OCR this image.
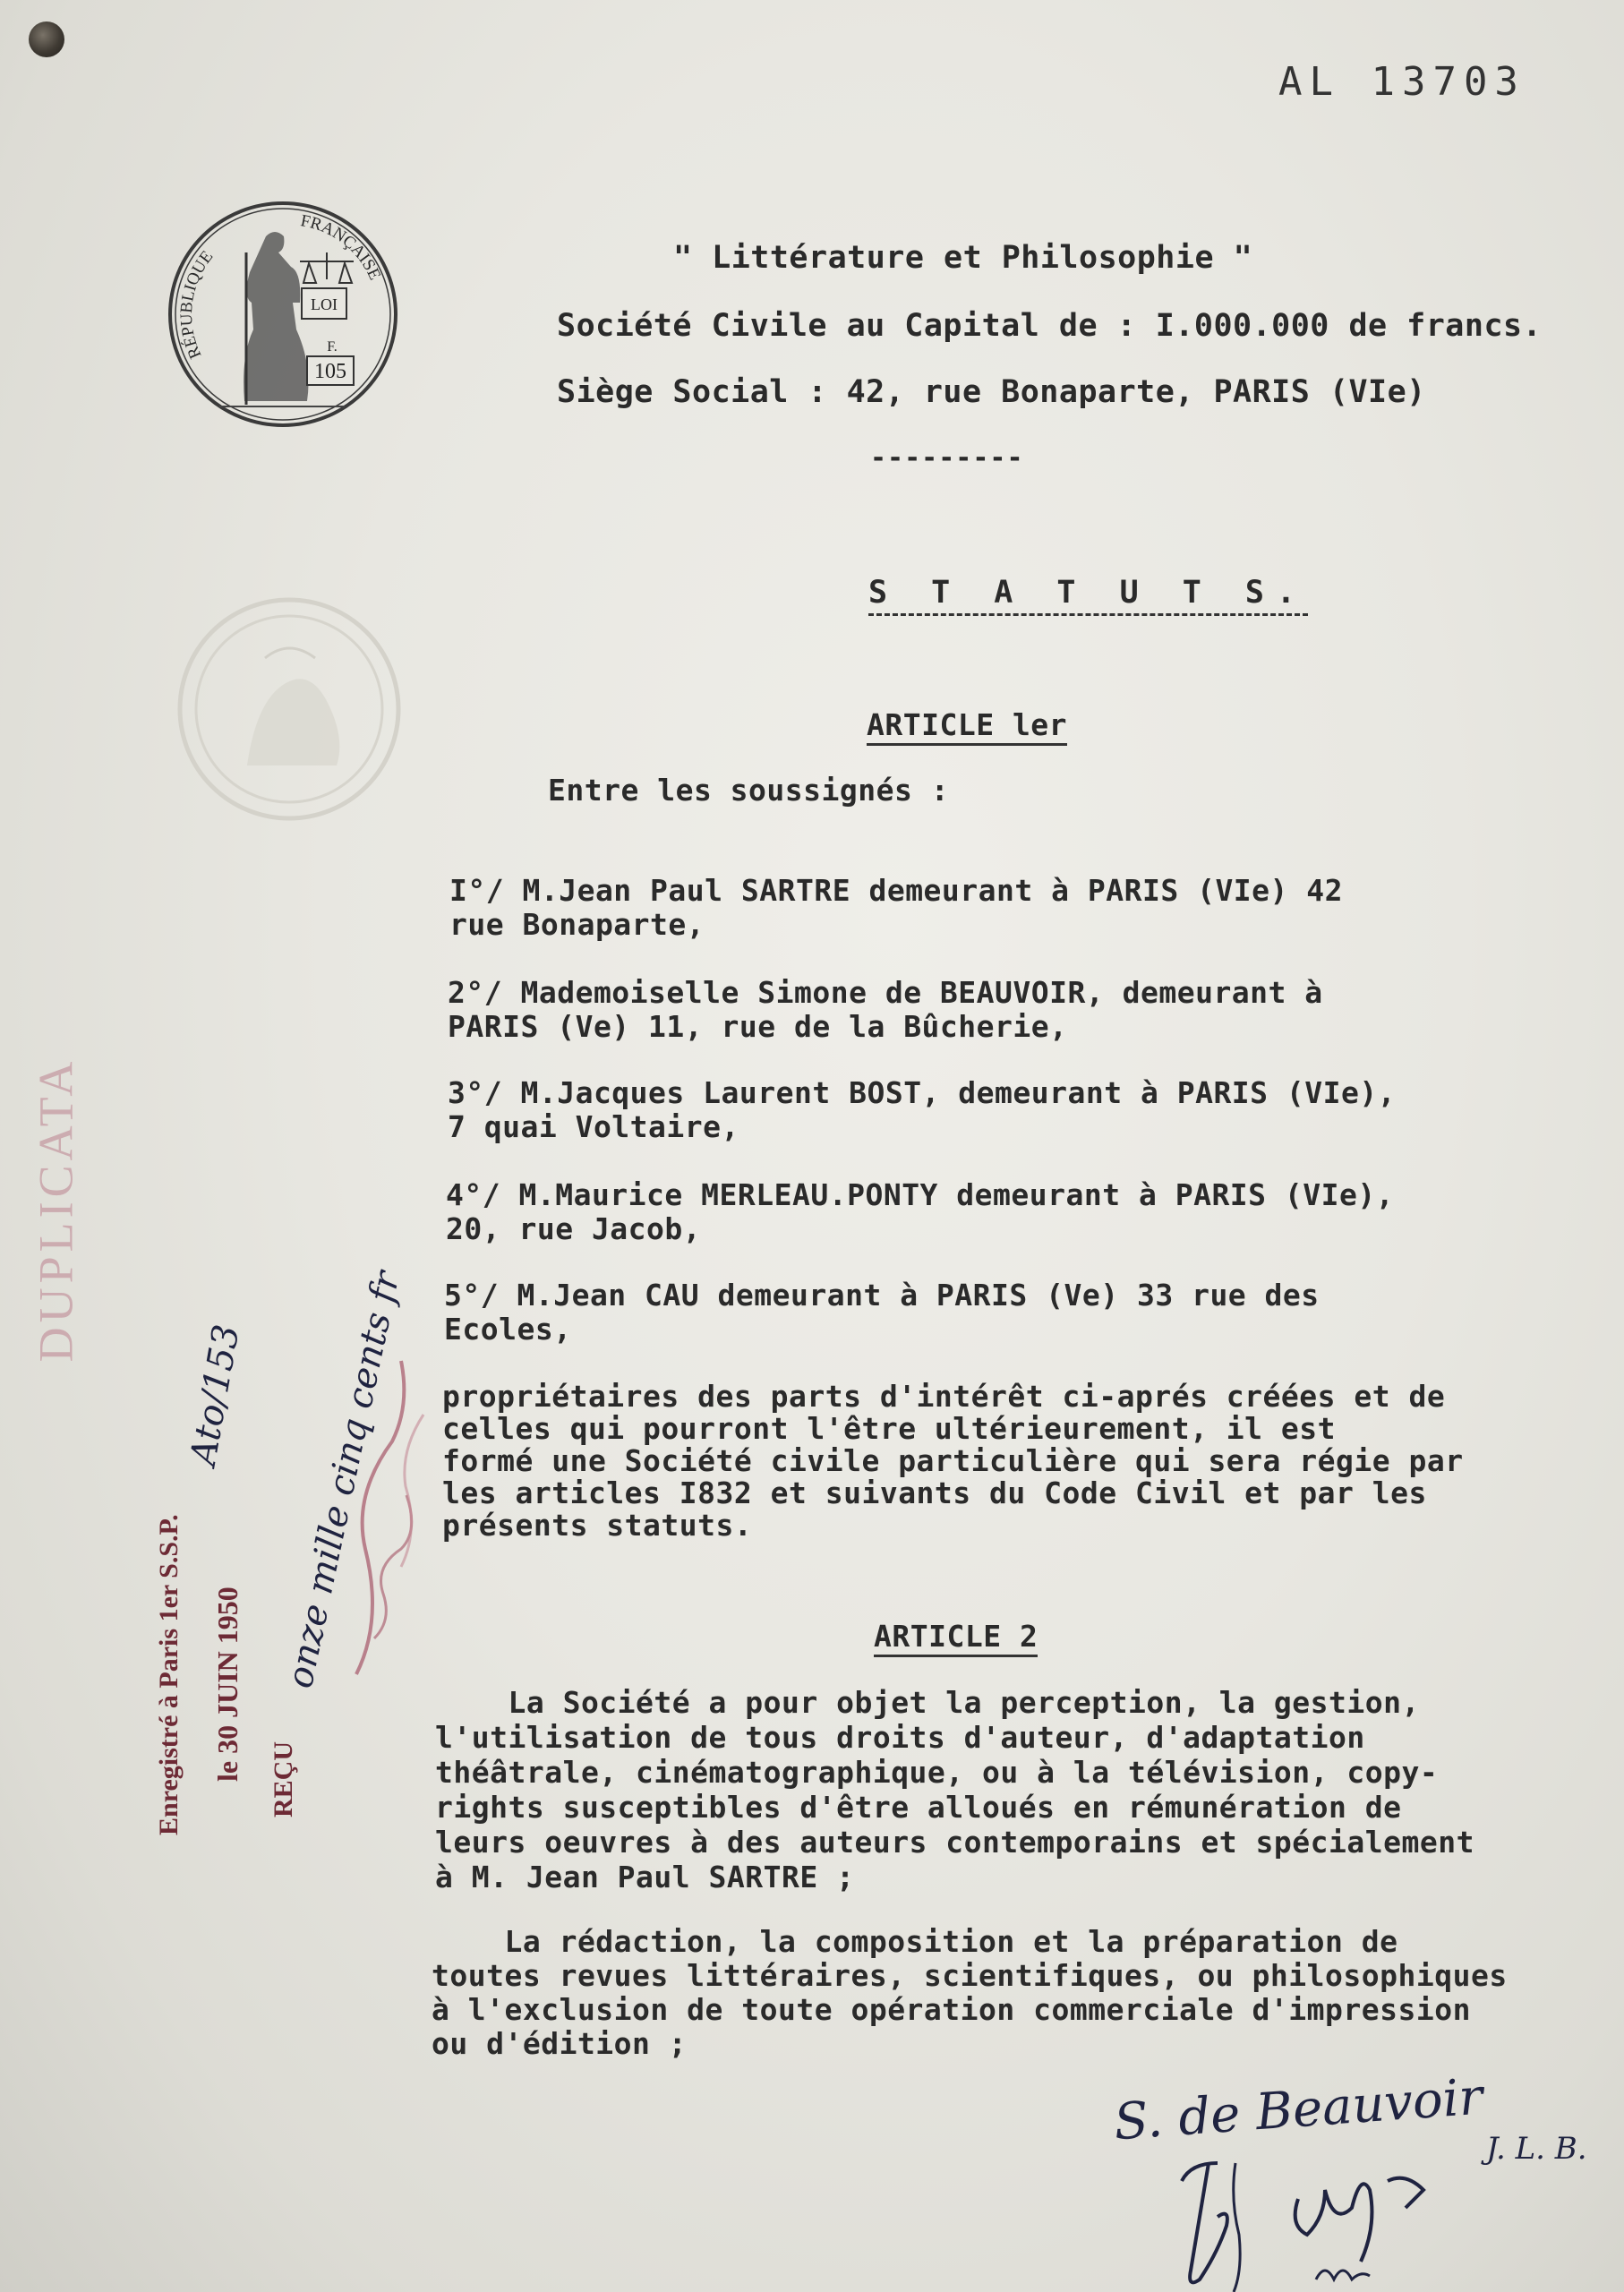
AL 13703
RÉPUBLIQUE
FRANÇAISE
LOI
F.
105
" Littérature et Philosophie "
Société Civile au Capital de : I.000.000 de francs.
Siège Social : 42, rue Bonaparte, PARIS (VIe)
---------
S T A T U T S.
ARTICLE ler
Entre les soussignés :
I°/ M.Jean Paul SARTRE demeurant à PARIS (VIe) 42
rue Bonaparte,
2°/ Mademoiselle Simone de BEAUVOIR, demeurant à
PARIS (Ve) 11, rue de la Bûcherie,
3°/ M.Jacques Laurent BOST, demeurant à PARIS (VIe),
7 quai Voltaire,
4°/ M.Maurice MERLEAU.PONTY demeurant à PARIS (VIe),
20, rue Jacob,
5°/ M.Jean CAU demeurant à PARIS (Ve) 33 rue des
Ecoles,
propriétaires des parts d'intérêt ci-aprés créées et de
celles qui pourront l'être ultérieurement, il est
formé une Société civile particulière qui sera régie par
les articles I832 et suivants du Code Civil et par les
présents statuts.
ARTICLE 2
La Société a pour objet la perception, la gestion,
l'utilisation de tous droits d'auteur, d'adaptation
théâtrale, cinématographique, ou à la télévision, copy-
rights susceptibles d'être alloués en rémunération de
leurs oeuvres à des auteurs contemporains et spécialement
à M. Jean Paul SARTRE ;
La rédaction, la composition et la préparation de
toutes revues littéraires, scientifiques, ou philosophiques
à l'exclusion de toute opération commerciale d'impression
ou d'édition ;
DUPLICATA
Enregistré à Paris 1er S.S.P. le 30 JUIN 1950 REÇU
Ato/153 onze mille cinq cents fr
S. de Beauvoir J. L. B.
